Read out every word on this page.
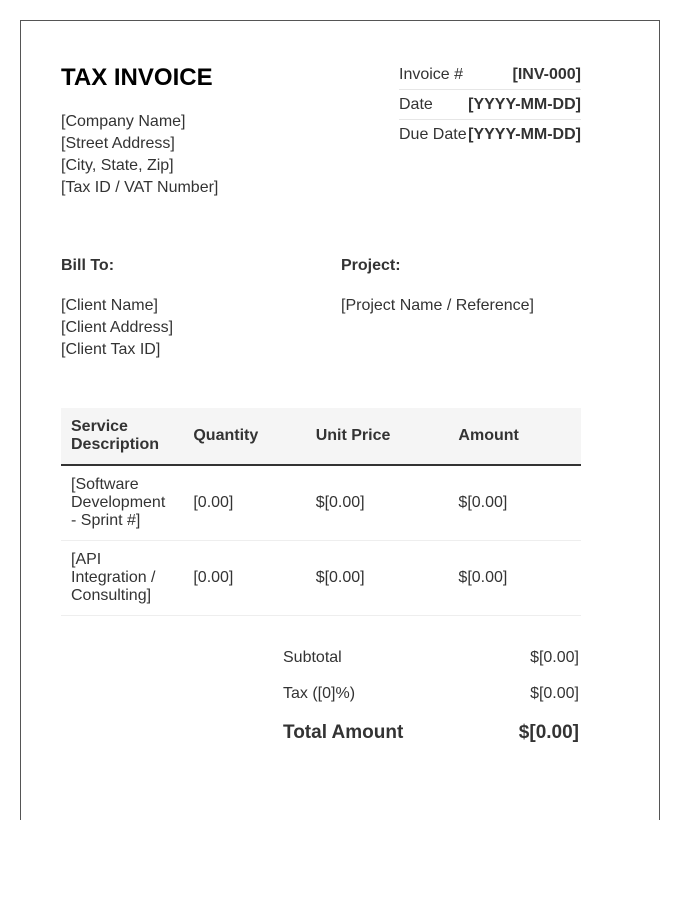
TAX INVOICE
[Company Name]
[Street Address]
[City, State, Zip]
[Tax ID / VAT Number]
Invoice #	[INV-000]
Date [YYYY-MM-DD]
Due Date [YYYY-MM-DD]
Bill To:	Project:
[Client Name]
[Client Address]
[Client Tax ID]
[Project Name / Reference]
Service Description	Quantity	Unit Price	Amount
[Software Development - Sprint #]	[0.00]	$[0.00]	$[0.00]
[API Integration / Consulting]	[0.00]	$[0.00]	$[0.00]
Subtotal	$[0.00]
Tax ([0]%)	$[0.00]
Total Amount	$[0.00]
